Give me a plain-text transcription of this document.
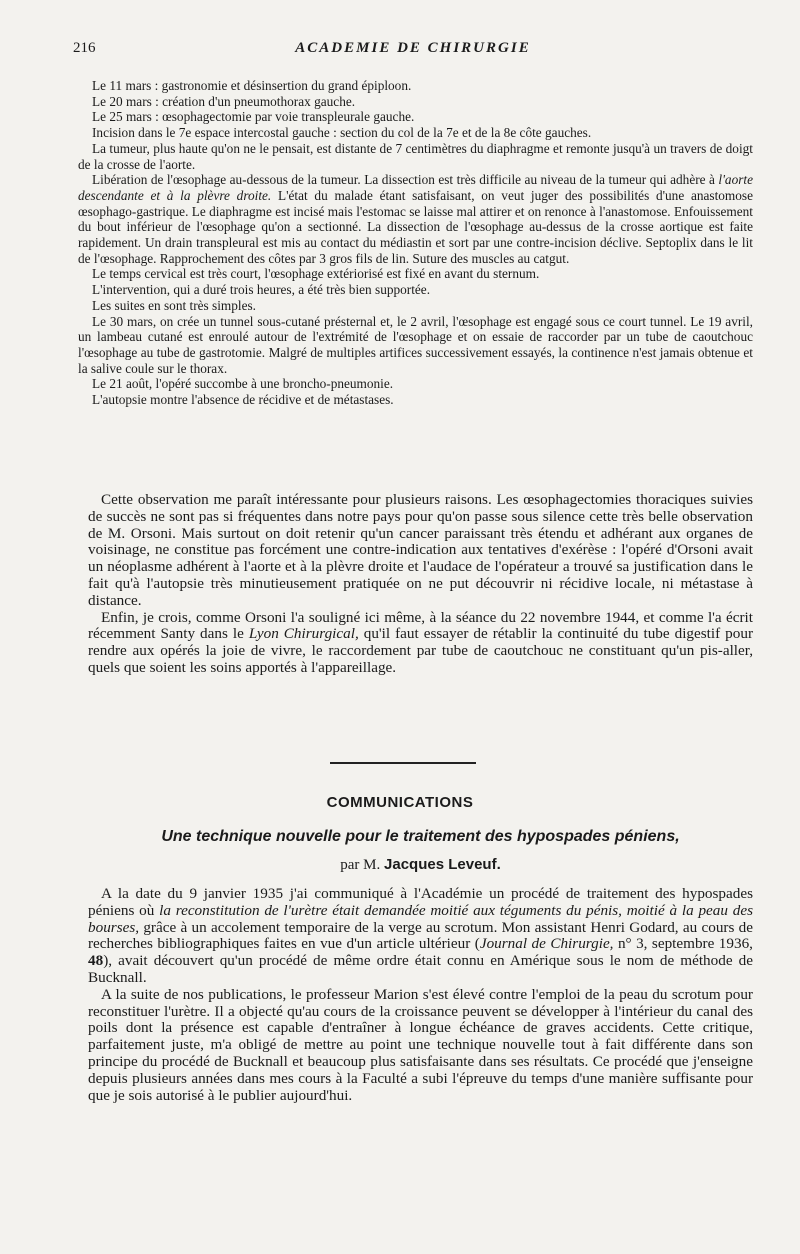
216	ACADEMIE DE CHIRURGIE

Le 11 mars : gastronomie et désinsertion du grand épiploon.

Le 20 mars : création d'un pneumothorax gauche.

Le 25 mars : œsophagectomie par voie transpleurale gauche.

Incision dans le 7e espace intercostal gauche : section du col de la 7e et de la 8e côte gauches.

La tumeur, plus haute qu'on ne le pensait, est distante de 7 centimètres du diaphragme et remonte jusqu'à un travers de doigt de la crosse de l'aorte.

Libération de l'œsophage au-dessous de la tumeur. La dissection est très difficile au niveau de la tumeur qui adhère à l'aorte descendante et à la plèvre droite. L'état du malade étant satisfaisant, on veut juger des possibilités d'une anastomose œsophago-gastrique. Le diaphragme est incisé mais l'estomac se laisse mal attirer et on renonce à l'anastomose. Enfouissement du bout inférieur de l'œsophage qu'on a sectionné. La dissection de l'œsophage au-dessus de la crosse aortique est faite rapidement. Un drain transpleural est mis au contact du médiastin et sort par une contre-incision déclive. Septoplix dans le lit de l'œsophage. Rapprochement des côtes par 3 gros fils de lin. Suture des muscles au catgut.

Le temps cervical est très court, l'œsophage extériorisé est fixé en avant du sternum.

L'intervention, qui a duré trois heures, a été très bien supportée.

Les suites en sont très simples.

Le 30 mars, on crée un tunnel sous-cutané présternal et, le 2 avril, l'œsophage est engagé sous ce court tunnel. Le 19 avril, un lambeau cutané est enroulé autour de l'extrémité de l'œsophage et on essaie de raccorder par un tube de caoutchouc l'œsophage au tube de gastrotomie. Malgré de multiples artifices successivement essayés, la continence n'est jamais obtenue et la salive coule sur le thorax.

Le 21 août, l'opéré succombe à une broncho-pneumonie.

L'autopsie montre l'absence de récidive et de métastases.

Cette observation me paraît intéressante pour plusieurs raisons. Les œsophagectomies thoraciques suivies de succès ne sont pas si fréquentes dans notre pays pour qu'on passe sous silence cette très belle observation de M. Orsoni. Mais surtout on doit retenir qu'un cancer paraissant très étendu et adhérant aux organes de voisinage, ne constitue pas forcément une contre-indication aux tentatives d'exérèse : l'opéré d'Orsoni avait un néoplasme adhérent à l'aorte et à la plèvre droite et l'audace de l'opérateur a trouvé sa justification dans le fait qu'à l'autopsie très minutieusement pratiquée on ne put découvrir ni récidive locale, ni métastase à distance.

Enfin, je crois, comme Orsoni l'a souligné ici même, à la séance du 22 novembre 1944, et comme l'a écrit récemment Santy dans le Lyon Chirurgical, qu'il faut essayer de rétablir la continuité du tube digestif pour rendre aux opérés la joie de vivre, le raccordement par tube de caoutchouc ne constituant qu'un pis-aller, quels que soient les soins apportés à l'appareillage.

COMMUNICATIONS
Une technique nouvelle pour le traitement des hypospades péniens,
par M. Jacques Leveuf.

A la date du 9 janvier 1935 j'ai communiqué à l'Académie un procédé de traitement des hypospades péniens où la reconstitution de l'urètre était demandée moitié aux téguments du pénis, moitié à la peau des bourses, grâce à un accolement temporaire de la verge au scrotum. Mon assistant Henri Godard, au cours de recherches bibliographiques faites en vue d'un article ultérieur (Journal de Chirurgie, n° 3, septembre 1936, 48), avait découvert qu'un procédé de même ordre était connu en Amérique sous le nom de méthode de Bucknall.

A la suite de nos publications, le professeur Marion s'est élevé contre l'emploi de la peau du scrotum pour reconstituer l'urètre. Il a objecté qu'au cours de la croissance peuvent se développer à l'intérieur du canal des poils dont la présence est capable d'entraîner à longue échéance de graves accidents. Cette critique, parfaitement juste, m'a obligé de mettre au point une technique nouvelle tout à fait différente dans son principe du procédé de Bucknall et beaucoup plus satisfaisante dans ses résultats. Ce procédé que j'enseigne depuis plusieurs années dans mes cours à la Faculté a subi l'épreuve du temps d'une manière suffisante pour que je sois autorisé à le publier aujourd'hui.
